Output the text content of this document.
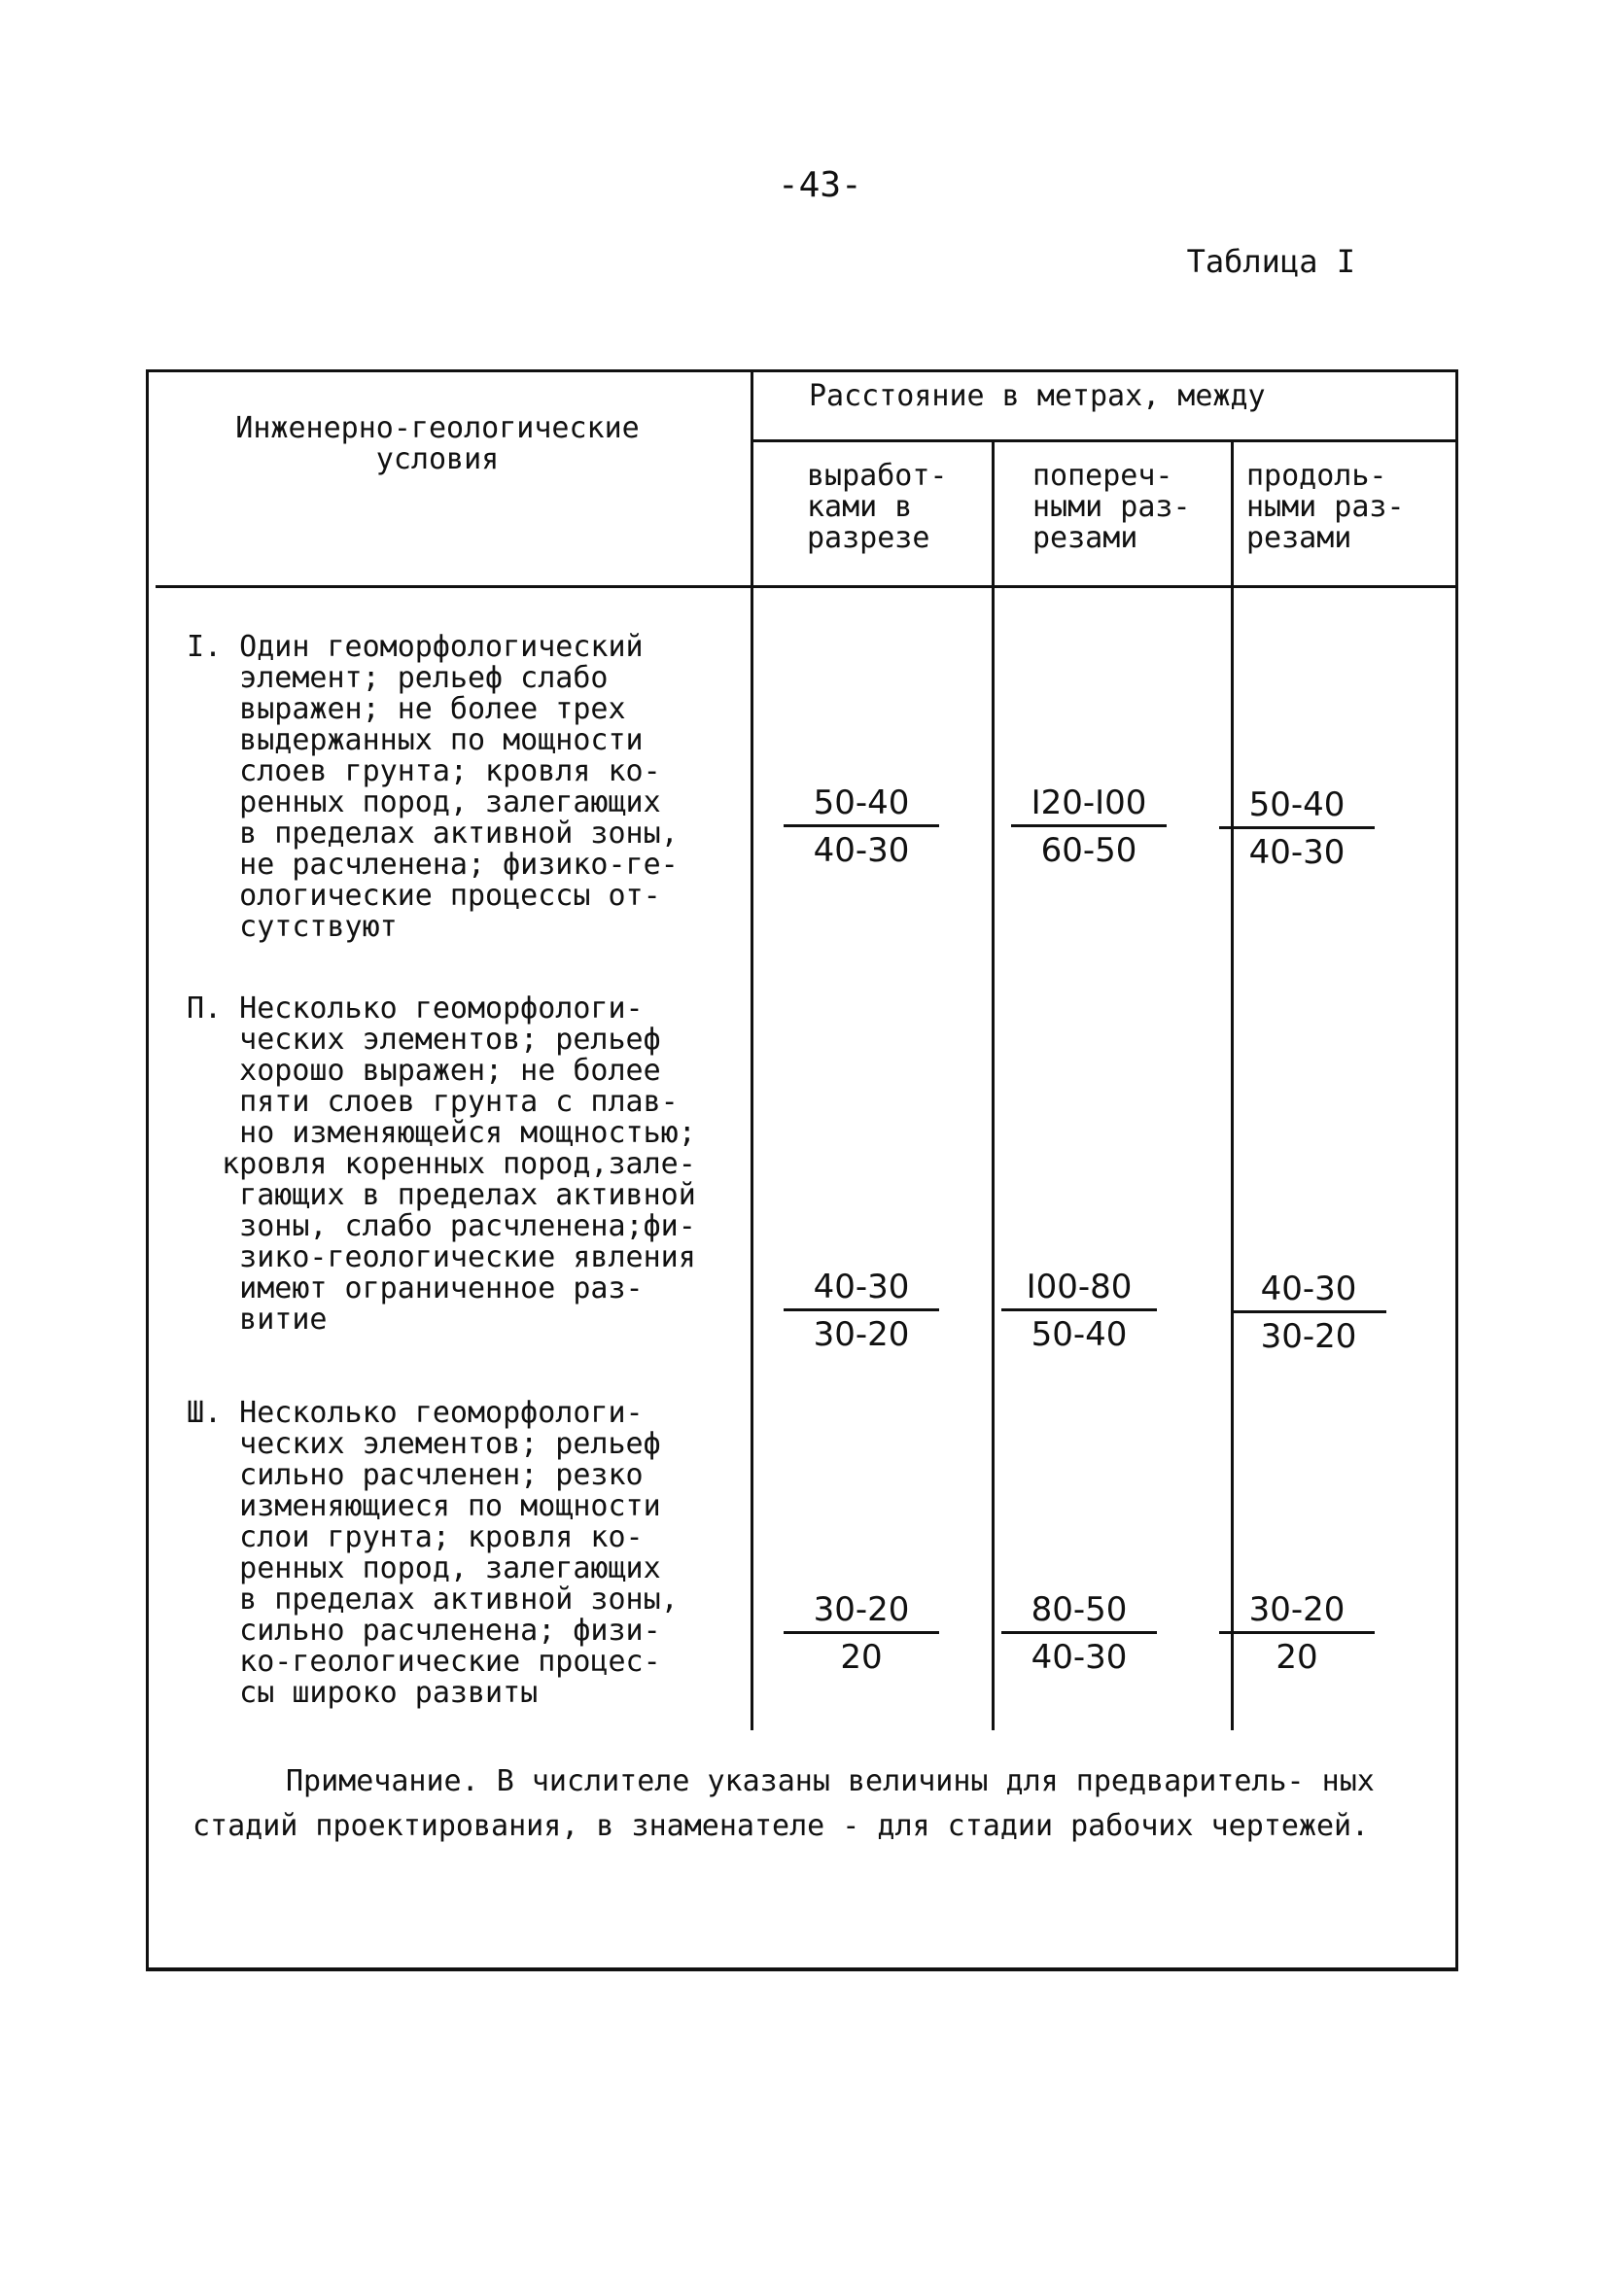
-43-
Таблица I
Инженерно-геологические
условия
Расстояние в метрах, между
выработ-
ками в
разрезе
попереч-
ными раз-
резами
продоль-
ными раз-
резами
I. Один геоморфологический
элемент; рельеф слабо
выражен; не более трех
выдержанных по мощности
слоев грунта; кровля ко-
ренных пород, залегающих
в пределах активной зоны,
не расчленена; физико-ге-
ологические процессы от-
сутствуют
$\frac{50-40}{40-30} \frac{I20-I00}{60-50} \frac{50-40}{40-30}$
П. Несколько геоморфологи-
ческих элементов; рельеф
хорошо выражен; не более
пяти слоев грунта с плав-
но изменяющейся мощностью;
кровля коренных пород,зале-
гающих в пределах активной
зоны, слабо расчленена;фи-
зико-геологические явления
имеют ограниченное раз-
витие	$\frac{40-30}{30-20} \frac{I00-80}{50-40} \frac{40-30}{30-20}$
Ш. Несколько геоморфологи-
ческих элементов; рельеф
сильно расчленен; резко
изменяющиеся по мощности
слои грунта; кровля ко-
ренных пород, залегающих
в пределах активной зоны,
сильно расчленена; физи-
ко-геологические процес-
сы широко развиты
$\frac{30-20}{20} \frac{80-50}{40-30} \frac{30-20}{20}$
Примечание. В числителе указаны величины для предваритель- ных стадий проектирования, в знаменателе - для стадии рабочих чертежей.
